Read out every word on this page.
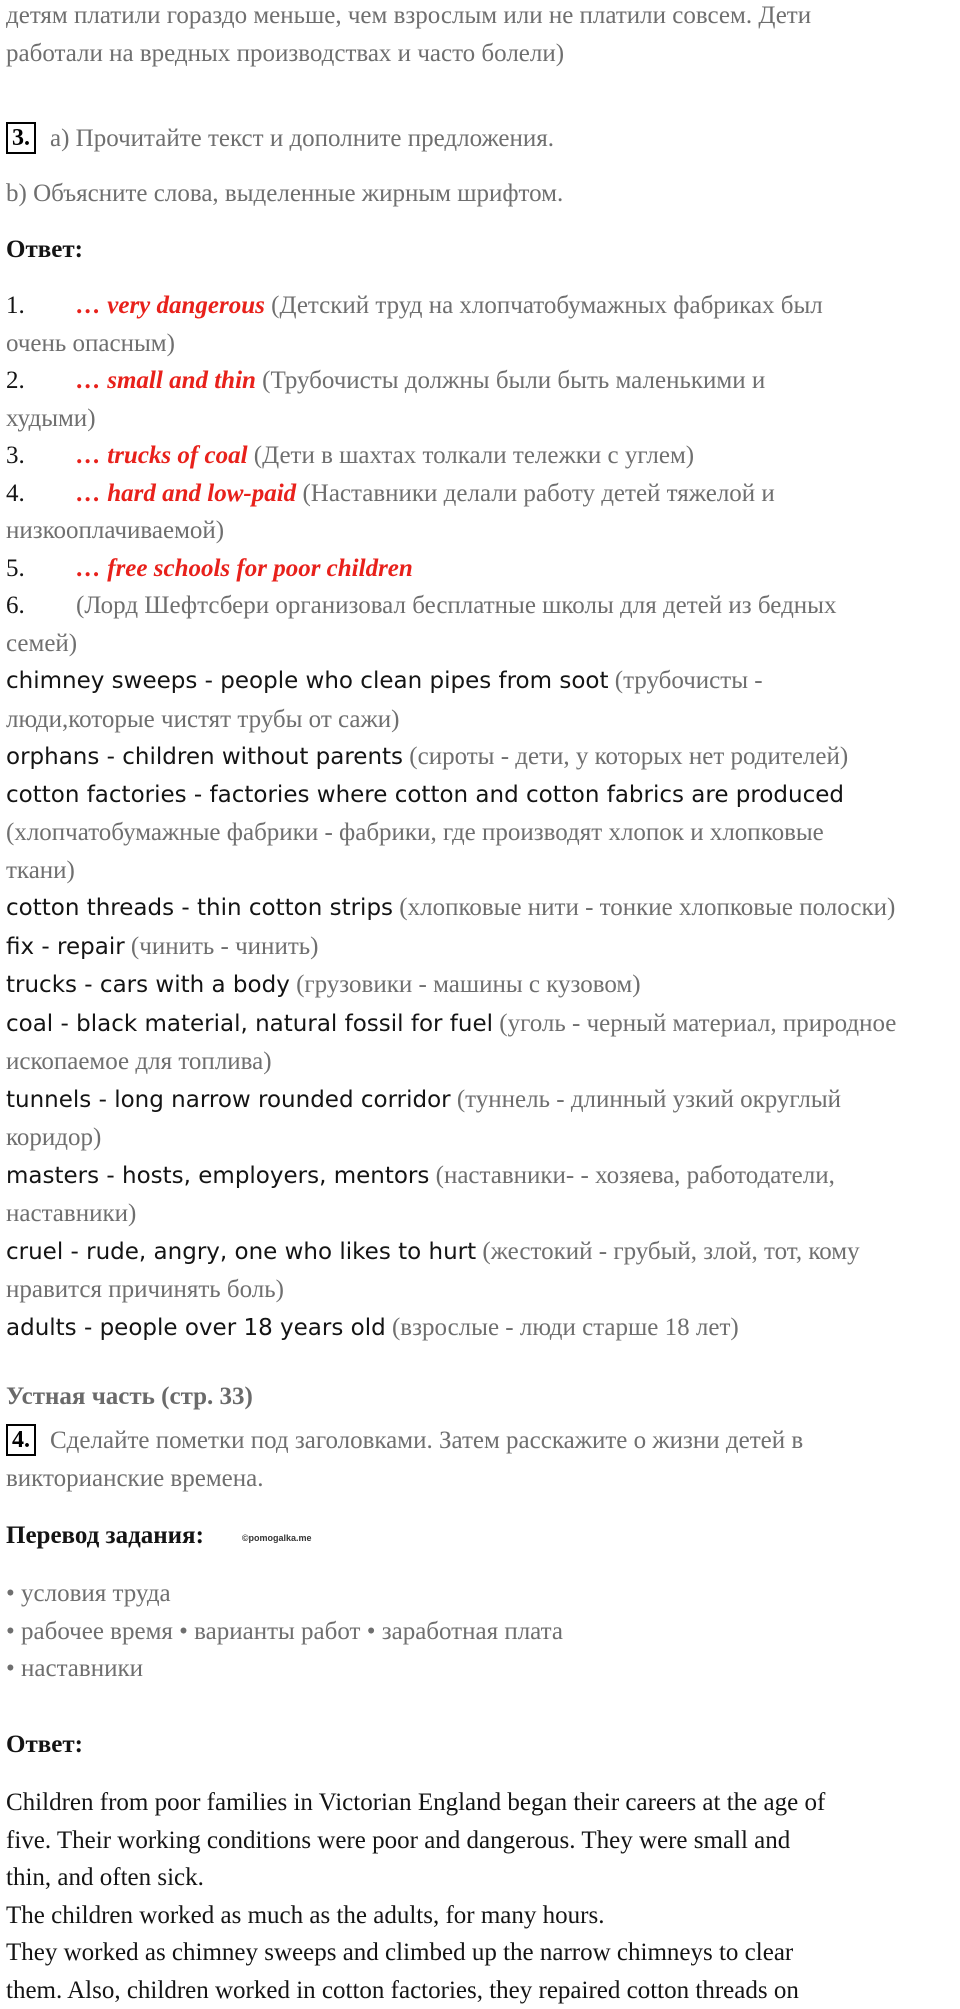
детям платили гораздо меньше, чем взрослым или не платили совсем. Дети

работали на вредных производствах и часто болели)

3. a) Прочитайте текст и дополните предложения.

b) Объясните слова, выделенные жирным шрифтом.

Ответ:

1. … very dangerous (Детский труд на хлопчатобумажных фабриках был

очень опасным)

2. … small and thin (Трубочисты должны были быть маленькими и

худыми)

3. … trucks of coal (Дети в шахтах толкали тележки с углем)

4. … hard and low-paid (Наставники делали работу детей тяжелой и

низкооплачиваемой)

5. … free schools for poor children

6. (Лорд Шефтсбери организовал бесплатные школы для детей из бедных

семей)

chimney sweeps - people who clean pipes from soot (трубочисты -

люди,которые чистят трубы от сажи)

orphans - children without parents (сироты - дети, у которых нет родителей)

cotton factories - factories where cotton and cotton fabrics are produced

(хлопчатобумажные фабрики - фабрики, где производят хлопок и хлопковые

ткани)

cotton threads - thin cotton strips (хлопковые нити - тонкие хлопковые полоски)

fix - repair (чинить - чинить)

trucks - cars with a body (грузовики - машины с кузовом)

coal - black material, natural fossil for fuel (уголь - черный материал, природное

ископаемое для топлива)

tunnels - long narrow rounded corridor (туннель - длинный узкий округлый

коридор)

masters - hosts, employers, mentors (наставники- - хозяева, работодатели,

наставники)

cruel - rude, angry, one who likes to hurt (жестокий - грубый, злой, тот, кому

нравится причинять боль)

adults - people over 18 years old (взрослые - люди старше 18 лет)

Устная часть (стр. 33)

4. Сделайте пометки под заголовками. Затем расскажите о жизни детей в

викторианские времена.

Перевод задания:	©pomogalka.me

• условия труда

• рабочее время • варианты работ • заработная плата

• наставники

Ответ:

Children from poor families in Victorian England began their careers at the age of

five. Their working conditions were poor and dangerous. They were small and

thin, and often sick.

The children worked as much as the adults, for many hours.

They worked as chimney sweeps and climbed up the narrow chimneys to clear

them. Also, children worked in cotton factories, they repaired cotton threads on
